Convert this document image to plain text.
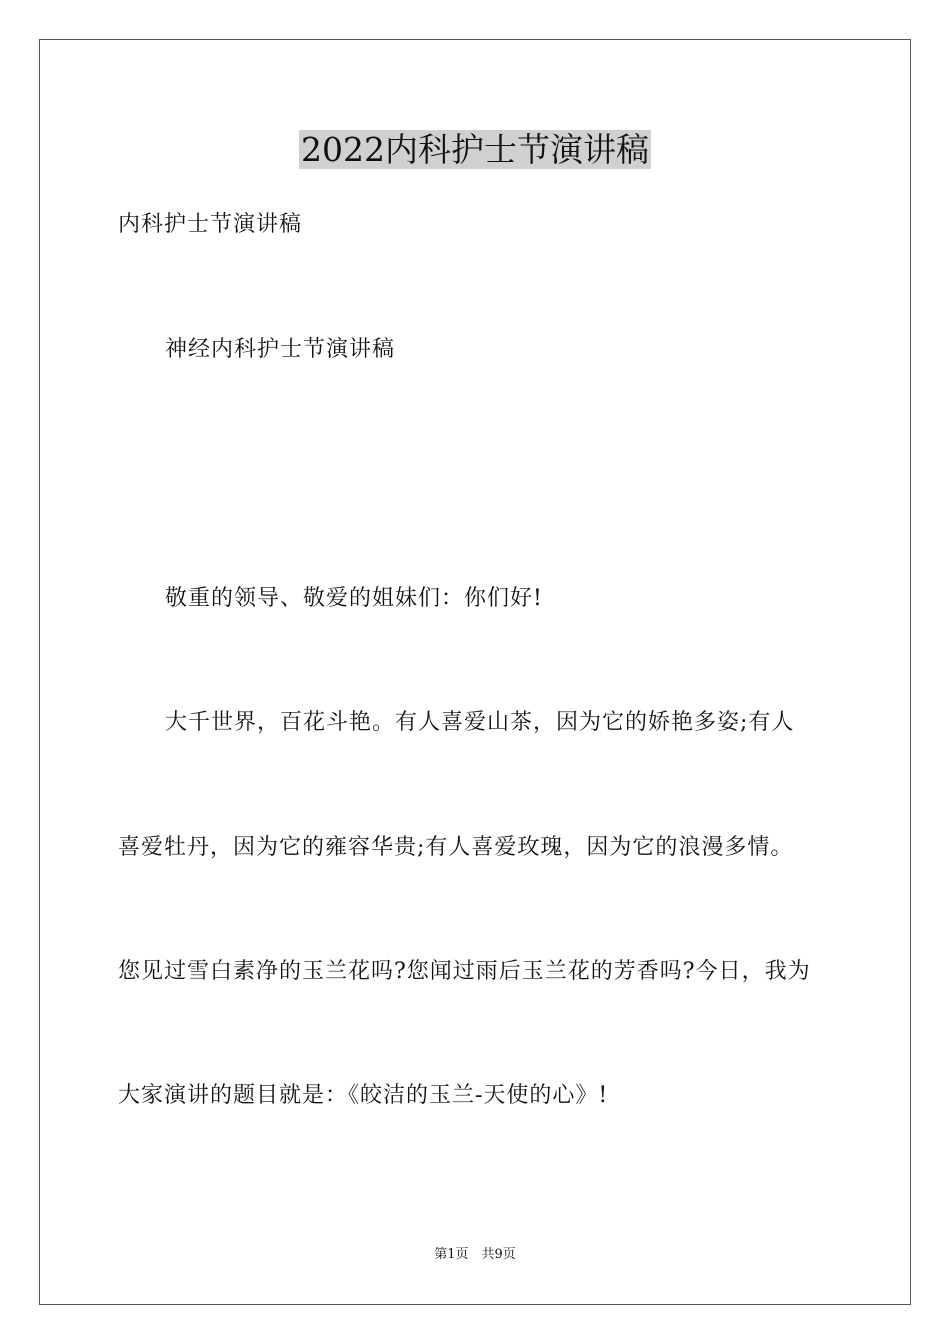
2022内科护士节演讲稿
内科护士节演讲稿
神经内科护士节演讲稿
敬重的领导、敬爱的姐妹们：你们好!
大千世界，百花斗艳。有人喜爱山茶，因为它的娇艳多姿;有人
喜爱牡丹，因为它的雍容华贵;有人喜爱玫瑰，因为它的浪漫多情。
您见过雪白素净的玉兰花吗?您闻过雨后玉兰花的芳香吗?今日，我为
大家演讲的题目就是：《皎洁的玉兰-天使的心》!
第1页　共9页
